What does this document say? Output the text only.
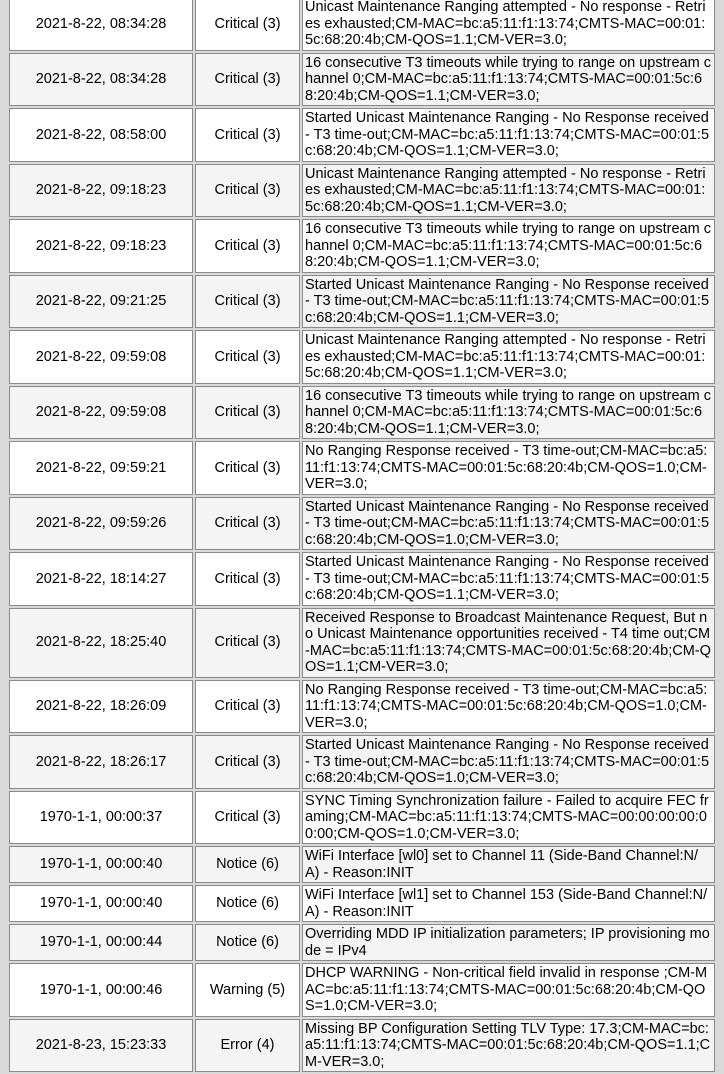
2021-8-22, 08:34:28	Critical (3)	Unicast Maintenance Ranging attempted - No response - Retries exhausted;CM-MAC=bc:a5:11:f1:13:74;CMTS-MAC=00:01:5c:68:20:4b;CM-QOS=1.1;CM-VER=3.0;
2021-8-22, 08:34:28	Critical (3)	16 consecutive T3 timeouts while trying to range on upstream channel 0;CM-MAC=bc:a5:11:f1:13:74;CMTS-MAC=00:01:5c:68:20:4b;CM-QOS=1.1;CM-VER=3.0;
2021-8-22, 08:58:00	Critical (3)	Started Unicast Maintenance Ranging - No Response received - T3 time-out;CM-MAC=bc:a5:11:f1:13:74;CMTS-MAC=00:01:5c:68:20:4b;CM-QOS=1.1;CM-VER=3.0;
2021-8-22, 09:18:23	Critical (3)	Unicast Maintenance Ranging attempted - No response - Retries exhausted;CM-MAC=bc:a5:11:f1:13:74;CMTS-MAC=00:01:5c:68:20:4b;CM-QOS=1.1;CM-VER=3.0;
2021-8-22, 09:18:23	Critical (3)	16 consecutive T3 timeouts while trying to range on upstream channel 0;CM-MAC=bc:a5:11:f1:13:74;CMTS-MAC=00:01:5c:68:20:4b;CM-QOS=1.1;CM-VER=3.0;
2021-8-22, 09:21:25	Critical (3)	Started Unicast Maintenance Ranging - No Response received - T3 time-out;CM-MAC=bc:a5:11:f1:13:74;CMTS-MAC=00:01:5c:68:20:4b;CM-QOS=1.1;CM-VER=3.0;
2021-8-22, 09:59:08	Critical (3)	Unicast Maintenance Ranging attempted - No response - Retries exhausted;CM-MAC=bc:a5:11:f1:13:74;CMTS-MAC=00:01:5c:68:20:4b;CM-QOS=1.1;CM-VER=3.0;
2021-8-22, 09:59:08	Critical (3)	16 consecutive T3 timeouts while trying to range on upstream channel 0;CM-MAC=bc:a5:11:f1:13:74;CMTS-MAC=00:01:5c:68:20:4b;CM-QOS=1.1;CM-VER=3.0;
2021-8-22, 09:59:21	Critical (3)	No Ranging Response received - T3 time-out;CM-MAC=bc:a5:11:f1:13:74;CMTS-MAC=00:01:5c:68:20:4b;CM-QOS=1.0;CM-VER=3.0;
2021-8-22, 09:59:26	Critical (3)	Started Unicast Maintenance Ranging - No Response received - T3 time-out;CM-MAC=bc:a5:11:f1:13:74;CMTS-MAC=00:01:5c:68:20:4b;CM-QOS=1.0;CM-VER=3.0;
2021-8-22, 18:14:27	Critical (3)	Started Unicast Maintenance Ranging - No Response received - T3 time-out;CM-MAC=bc:a5:11:f1:13:74;CMTS-MAC=00:01:5c:68:20:4b;CM-QOS=1.1;CM-VER=3.0;
2021-8-22, 18:25:40	Critical (3)	Received Response to Broadcast Maintenance Request, But no Unicast Maintenance opportunities received - T4 time out;CM-MAC=bc:a5:11:f1:13:74;CMTS-MAC=00:01:5c:68:20:4b;CM-QOS=1.1;CM-VER=3.0;
2021-8-22, 18:26:09	Critical (3)	No Ranging Response received - T3 time-out;CM-MAC=bc:a5:11:f1:13:74;CMTS-MAC=00:01:5c:68:20:4b;CM-QOS=1.0;CM-VER=3.0;
2021-8-22, 18:26:17	Critical (3)	Started Unicast Maintenance Ranging - No Response received - T3 time-out;CM-MAC=bc:a5:11:f1:13:74;CMTS-MAC=00:01:5c:68:20:4b;CM-QOS=1.0;CM-VER=3.0;
1970-1-1, 00:00:37	Critical (3)	SYNC Timing Synchronization failure - Failed to acquire FEC framing;CM-MAC=bc:a5:11:f1:13:74;CMTS-MAC=00:00:00:00:00:00;CM-QOS=1.0;CM-VER=3.0;
1970-1-1, 00:00:40	Notice (6)	WiFi Interface [wl0] set to Channel 11 (Side-Band Channel:N/A) - Reason:INIT
1970-1-1, 00:00:40	Notice (6)	WiFi Interface [wl1] set to Channel 153 (Side-Band Channel:N/A) - Reason:INIT
1970-1-1, 00:00:44	Notice (6)	Overriding MDD IP initialization parameters; IP provisioning mode = IPv4
1970-1-1, 00:00:46	Warning (5)	DHCP WARNING - Non-critical field invalid in response ;CM-MAC=bc:a5:11:f1:13:74;CMTS-MAC=00:01:5c:68:20:4b;CM-QOS=1.0;CM-VER=3.0;
2021-8-23, 15:23:33	Error (4)	Missing BP Configuration Setting TLV Type: 17.3;CM-MAC=bc:a5:11:f1:13:74;CMTS-MAC=00:01:5c:68:20:4b;CM-QOS=1.1;CM-VER=3.0;
